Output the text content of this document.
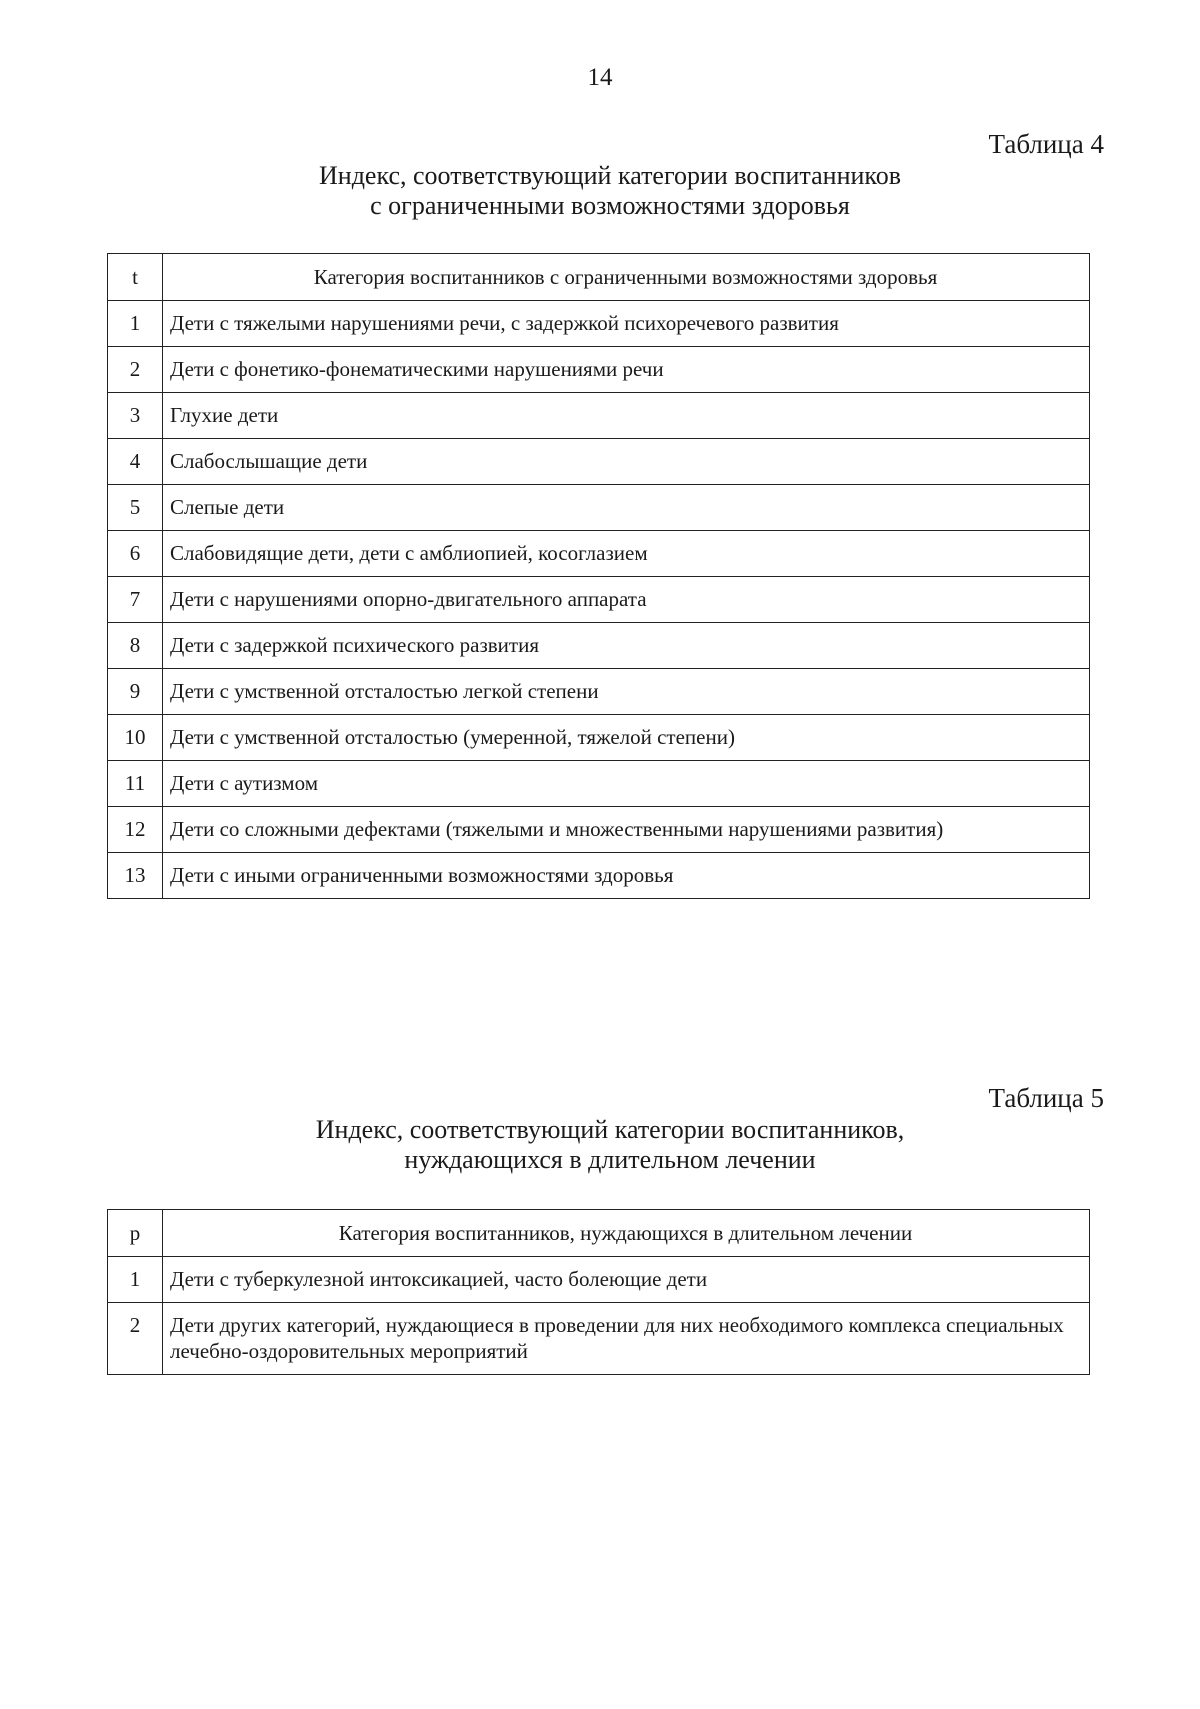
14
Таблица 4
Индекс, соответствующий категории воспитанников
с ограниченными возможностями здоровья
t	Категория воспитанников с ограниченными возможностями здоровья
1	Дети с тяжелыми нарушениями речи, с задержкой психоречевого развития
2	Дети с фонетико-фонематическими нарушениями речи
3	Глухие дети
4	Слабослышащие дети
5	Слепые дети
6	Слабовидящие дети, дети с амблиопией, косоглазием
7	Дети с нарушениями опорно-двигательного аппарата
8	Дети с задержкой психического развития
9	Дети с умственной отсталостью легкой степени
10	Дети с умственной отсталостью (умеренной, тяжелой степени)
11	Дети с аутизмом
12	Дети со сложными дефектами (тяжелыми и множественными нарушениями развития)
13	Дети с иными ограниченными возможностями здоровья
Таблица 5
Индекс, соответствующий категории воспитанников,
нуждающихся в длительном лечении
p	Категория воспитанников, нуждающихся в длительном лечении
1	Дети с туберкулезной интоксикацией, часто болеющие дети
2	Дети других категорий, нуждающиеся в проведении для них необходимого комплекса специальных лечебно-оздоровительных мероприятий
